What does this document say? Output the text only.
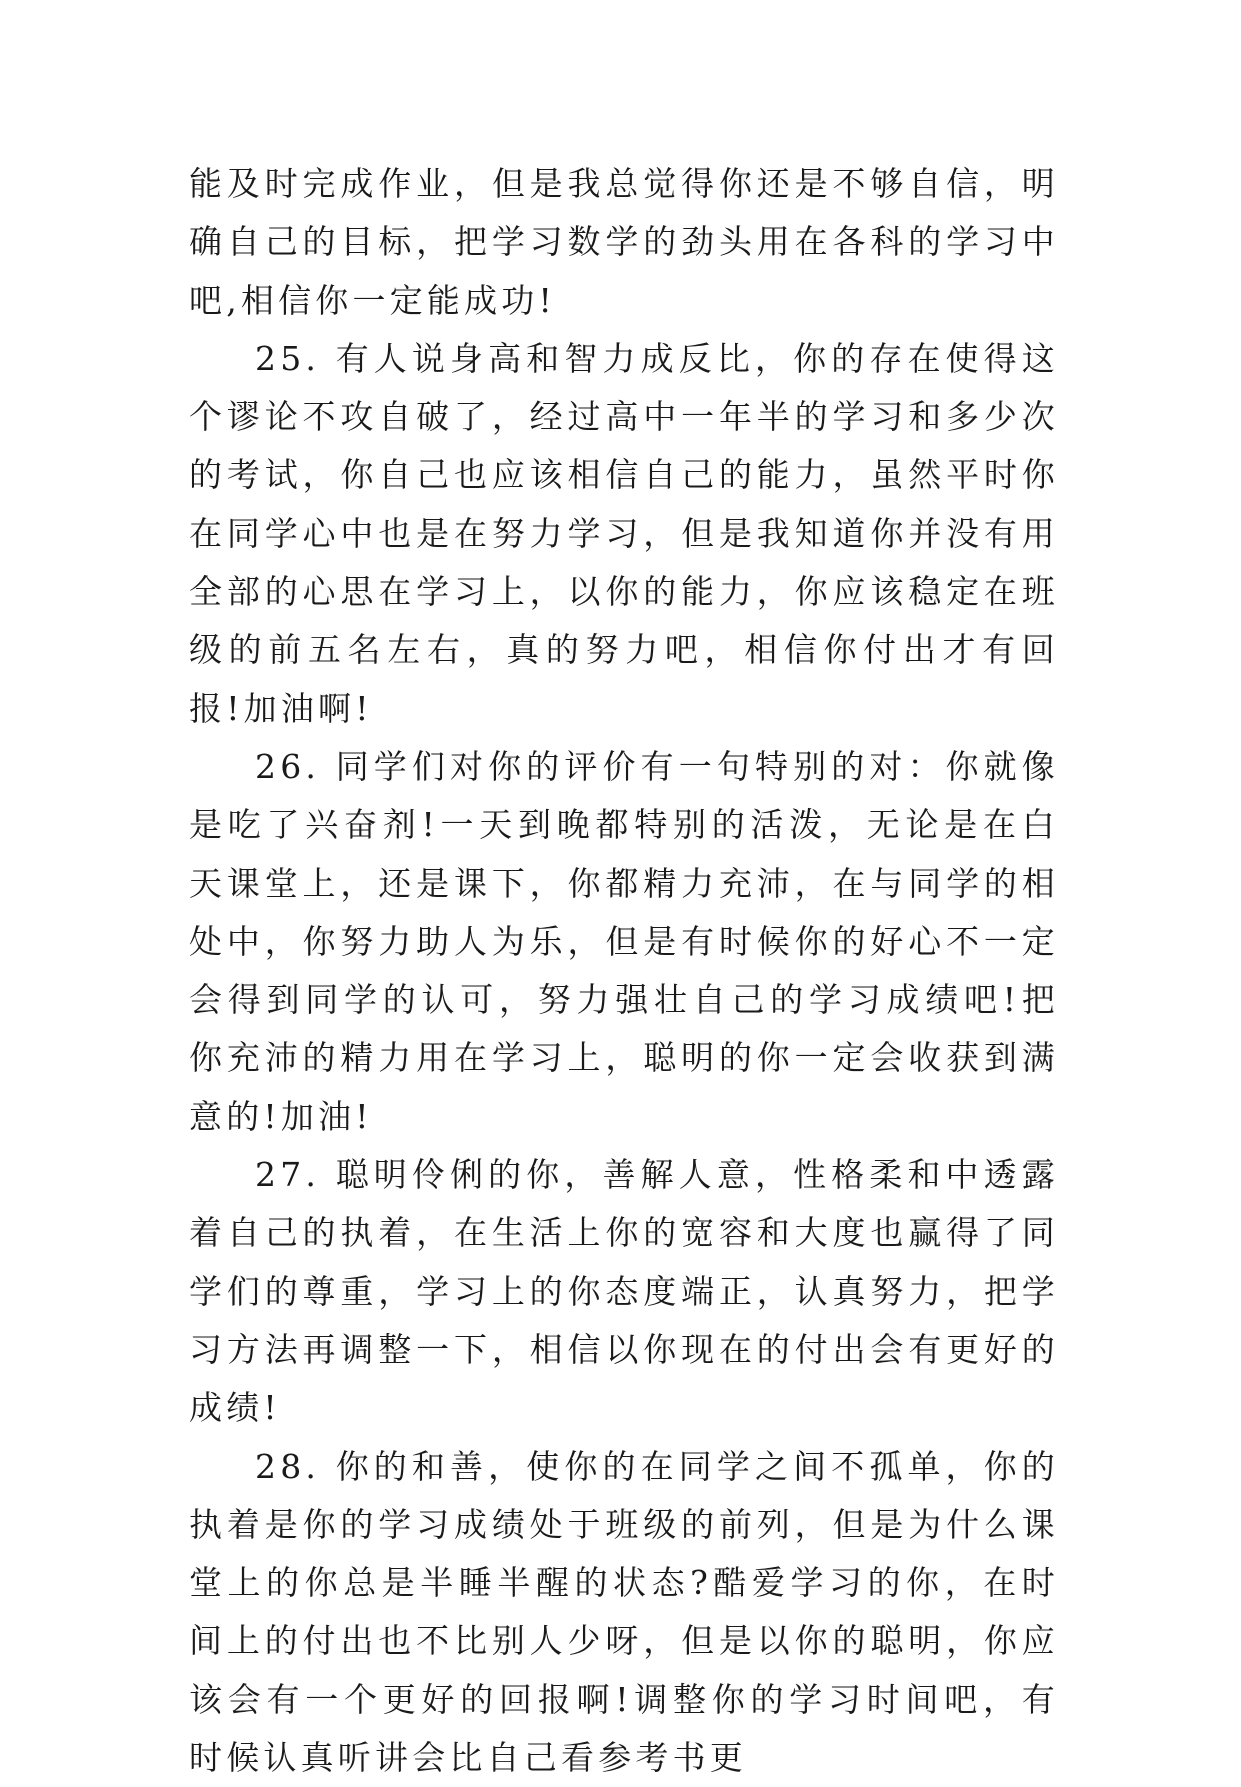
能及时完成作业，但是我总觉得你还是不够自信，明确自己的目标，把学习数学的劲头用在各科的学习中吧,相信你一定能成功!

25. 有人说身高和智力成反比，你的存在使得这个谬论不攻自破了，经过高中一年半的学习和多少次的考试，你自己也应该相信自己的能力，虽然平时你在同学心中也是在努力学习，但是我知道你并没有用全部的心思在学习上，以你的能力，你应该稳定在班级的前五名左右，真的努力吧，相信你付出才有回报!加油啊!

26. 同学们对你的评价有一句特别的对：你就像是吃了兴奋剂!一天到晚都特别的活泼，无论是在白天课堂上，还是课下，你都精力充沛，在与同学的相处中，你努力助人为乐，但是有时候你的好心不一定会得到同学的认可，努力强壮自己的学习成绩吧!把你充沛的精力用在学习上，聪明的你一定会收获到满意的!加油!

27. 聪明伶俐的你，善解人意，性格柔和中透露着自己的执着，在生活上你的宽容和大度也赢得了同学们的尊重，学习上的你态度端正，认真努力，把学习方法再调整一下，相信以你现在的付出会有更好的成绩!

28. 你的和善，使你的在同学之间不孤单，你的执着是你的学习成绩处于班级的前列，但是为什么课堂上的你总是半睡半醒的状态?酷爱学习的你，在时间上的付出也不比别人少呀，但是以你的聪明，你应该会有一个更好的回报啊!调整你的学习时间吧，有时候认真听讲会比自己看参考书更
